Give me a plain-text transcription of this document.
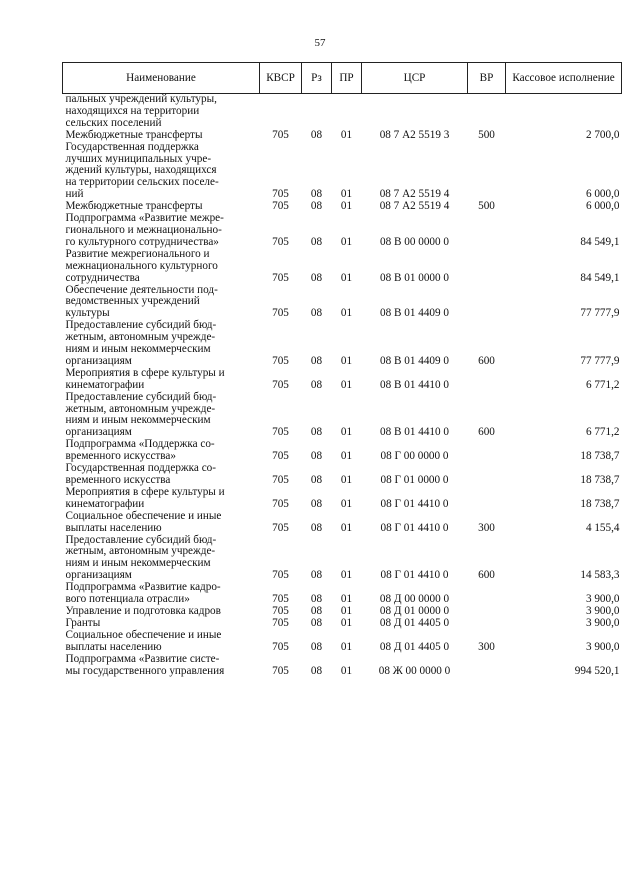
57
Наименование	КВСР	Рз	ПР	ЦСР	ВР	Кассовое исполнение
пальных учреждений культуры,
находящихся на территории
сельских поселений						
Межбюджетные трансферты	705	08	01	08 7 А2 5519 3	500	2 700,0
Государственная поддержка
лучших муниципальных учре-
ждений культуры, находящихся
на территории сельских поселе-
ний	705	08	01	08 7 А2 5519 4		6 000,0
Межбюджетные трансферты	705	08	01	08 7 А2 5519 4	500	6 000,0
Подпрограмма «Развитие межре-
гионального и межнационально-
го культурного сотрудничества»	705	08	01	08 В 00 0000 0		84 549,1
Развитие межрегионального и
межнационального культурного
сотрудничества	705	08	01	08 В 01 0000 0		84 549,1
Обеспечение деятельности под-
ведомственных учреждений
культуры	705	08	01	08 В 01 4409 0		77 777,9
Предоставление субсидий бюд-
жетным, автономным учрежде-
ниям и иным некоммерческим
организациям	705	08	01	08 В 01 4409 0	600	77 777,9
Мероприятия в сфере культуры и
кинематографии	705	08	01	08 В 01 4410 0		6 771,2
Предоставление субсидий бюд-
жетным, автономным учрежде-
ниям и иным некоммерческим
организациям	705	08	01	08 В 01 4410 0	600	6 771,2
Подпрограмма «Поддержка со-
временного искусства»	705	08	01	08 Г 00 0000 0		18 738,7
Государственная поддержка со-
временного искусства	705	08	01	08 Г 01 0000 0		18 738,7
Мероприятия в сфере культуры и
кинематографии	705	08	01	08 Г 01 4410 0		18 738,7
Социальное обеспечение и иные
выплаты населению	705	08	01	08 Г 01 4410 0	300	4 155,4
Предоставление субсидий бюд-
жетным, автономным учрежде-
ниям и иным некоммерческим
организациям	705	08	01	08 Г 01 4410 0	600	14 583,3
Подпрограмма «Развитие кадро-
вого потенциала отрасли»	705	08	01	08 Д 00 0000 0		3 900,0
Управление и подготовка кадров	705	08	01	08 Д 01 0000 0		3 900,0
Гранты	705	08	01	08 Д 01 4405 0		3 900,0
Социальное обеспечение и иные
выплаты населению	705	08	01	08 Д 01 4405 0	300	3 900,0
Подпрограмма «Развитие систе-
мы государственного управления	705	08	01	08 Ж 00 0000 0		994 520,1
